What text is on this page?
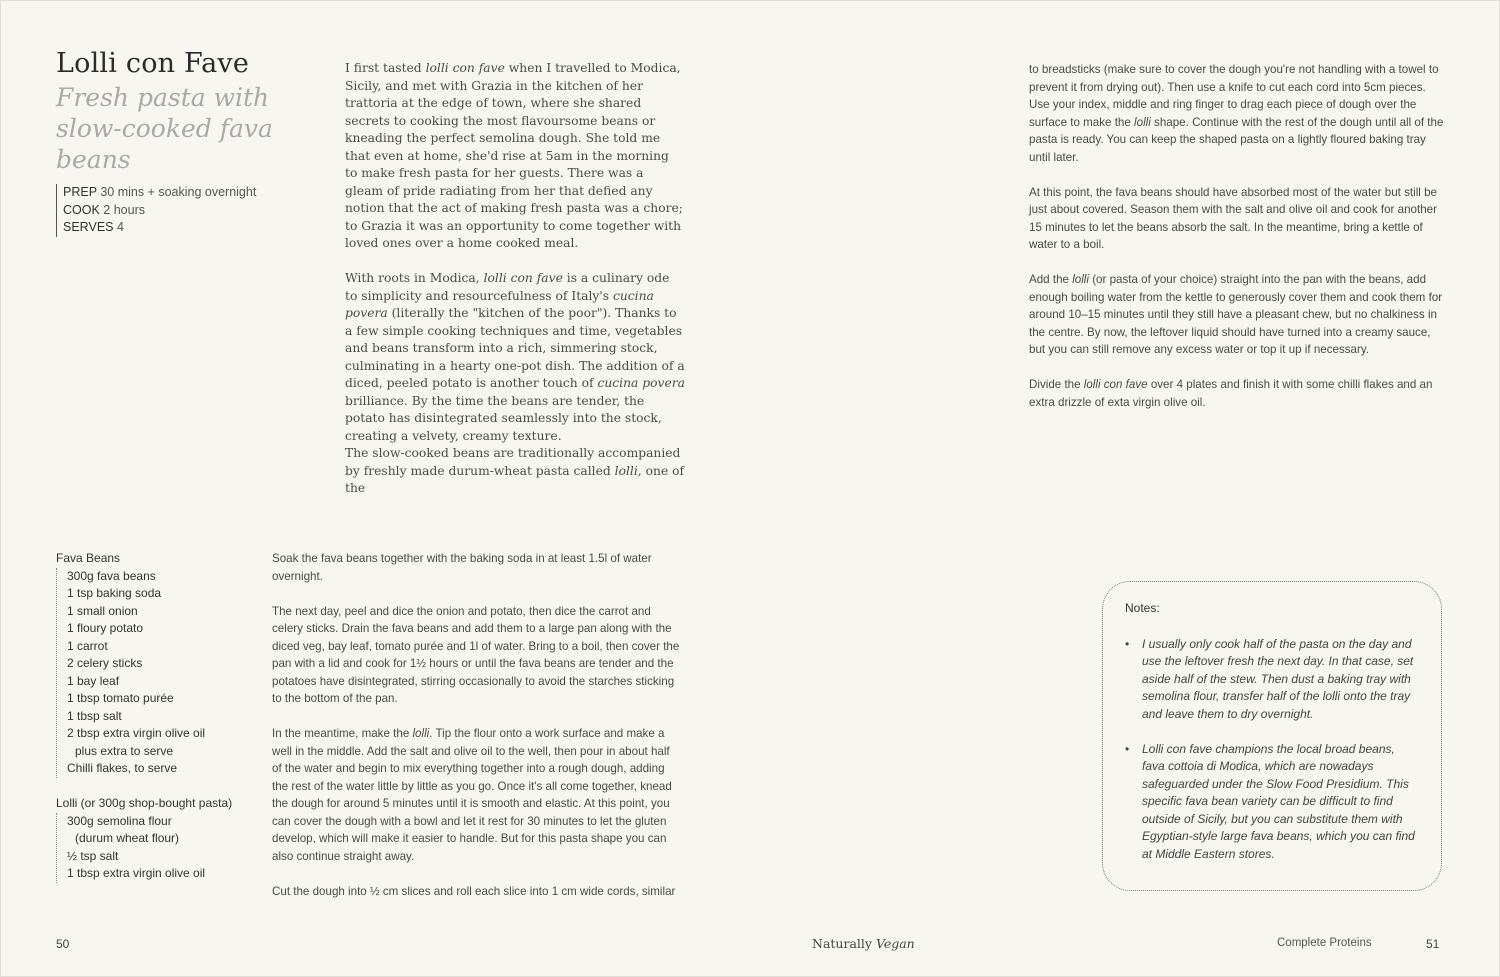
Lolli con Fave
Fresh pasta with slow-cooked fava beans
PREP 30 mins + soaking overnight
COOK 2 hours
SERVES 4

I first tasted lolli con fave when I travelled to Modica, Sicily, and met with Grazia in the kitchen of her trattoria at the edge of town, where she shared secrets to cooking the most flavoursome beans or kneading the perfect semolina dough. She told me that even at home, she'd rise at 5am in the morning to make fresh pasta for her guests. There was a gleam of pride radiating from her that defied any notion that the act of making fresh pasta was a chore; to Grazia it was an opportunity to come together with loved ones over a home cooked meal.

With roots in Modica, lolli con fave is a culinary ode to simplicity and resourcefulness of Italy's cucina povera (literally the "kitchen of the poor"). Thanks to a few simple cooking techniques and time, vegetables and beans transform into a rich, simmering stock, culminating in a hearty one-pot dish. The addition of a diced, peeled potato is another touch of cucina povera brilliance. By the time the beans are tender, the potato has disintegrated seamlessly into the stock, creating a velvety, creamy texture.

The slow-cooked beans are traditionally accompanied by freshly made durum-wheat pasta called lolli, one of the

to breadsticks (make sure to cover the dough you're not handling with a towel to prevent it from drying out). Then use a knife to cut each cord into 5cm pieces. Use your index, middle and ring finger to drag each piece of dough over the surface to make the lolli shape. Continue with the rest of the dough until all of the pasta is ready. You can keep the shaped pasta on a lightly floured baking tray until later.

At this point, the fava beans should have absorbed most of the water but still be just about covered. Season them with the salt and olive oil and cook for another 15 minutes to let the beans absorb the salt. In the meantime, bring a kettle of water to a boil.

Add the lolli (or pasta of your choice) straight into the pan with the beans, add enough boiling water from the kettle to generously cover them and cook them for around 10–15 minutes until they still have a pleasant chew, but no chalkiness in the centre. By now, the leftover liquid should have turned into a creamy sauce, but you can still remove any excess water or top it up if necessary.

Divide the lolli con fave over 4 plates and finish it with some chilli flakes and an extra drizzle of exta virgin olive oil.

Fava Beans
300g fava beans
1 tsp baking soda
1 small onion
1 floury potato
1 carrot
2 celery sticks
1 bay leaf
1 tbsp tomato purée
1 tbsp salt
2 tbsp extra virgin olive oil
plus extra to serve
Chilli flakes, to serve
Lolli (or 300g shop-bought pasta)
300g semolina flour
(durum wheat flour)
½ tsp salt
1 tbsp extra virgin olive oil

Soak the fava beans together with the baking soda in at least 1.5l of water overnight.

The next day, peel and dice the onion and potato, then dice the carrot and celery sticks. Drain the fava beans and add them to a large pan along with the diced veg, bay leaf, tomato purée and 1l of water. Bring to a boil, then cover the pan with a lid and cook for 1½ hours or until the fava beans are tender and the potatoes have disintegrated, stirring occasionally to avoid the starches sticking to the bottom of the pan.

In the meantime, make the lolli. Tip the flour onto a work surface and make a well in the middle. Add the salt and olive oil to the well, then pour in about half of the water and begin to mix everything together into a rough dough, adding the rest of the water little by little as you go. Once it's all come together, knead the dough for around 5 minutes until it is smooth and elastic. At this point, you can cover the dough with a bowl and let it rest for 30 minutes to let the gluten develop, which will make it easier to handle. But for this pasta shape you can also continue straight away.

Cut the dough into ½ cm slices and roll each slice into 1 cm wide cords, similar

Notes:
• I usually only cook half of the pasta on the day and use the leftover fresh the next day. In that case, set aside half of the stew. Then dust a baking tray with semolina flour, transfer half of the lolli onto the tray and leave them to dry overnight.
• Lolli con fave champions the local broad beans, fava cottoia di Modica, which are nowadays safeguarded under the Slow Food Presidium. This specific fava bean variety can be difficult to find outside of Sicily, but you can substitute them with Egyptian-style large fava beans, which you can find at Middle Eastern stores.
50	Naturally Vegan	Complete Proteins	51
